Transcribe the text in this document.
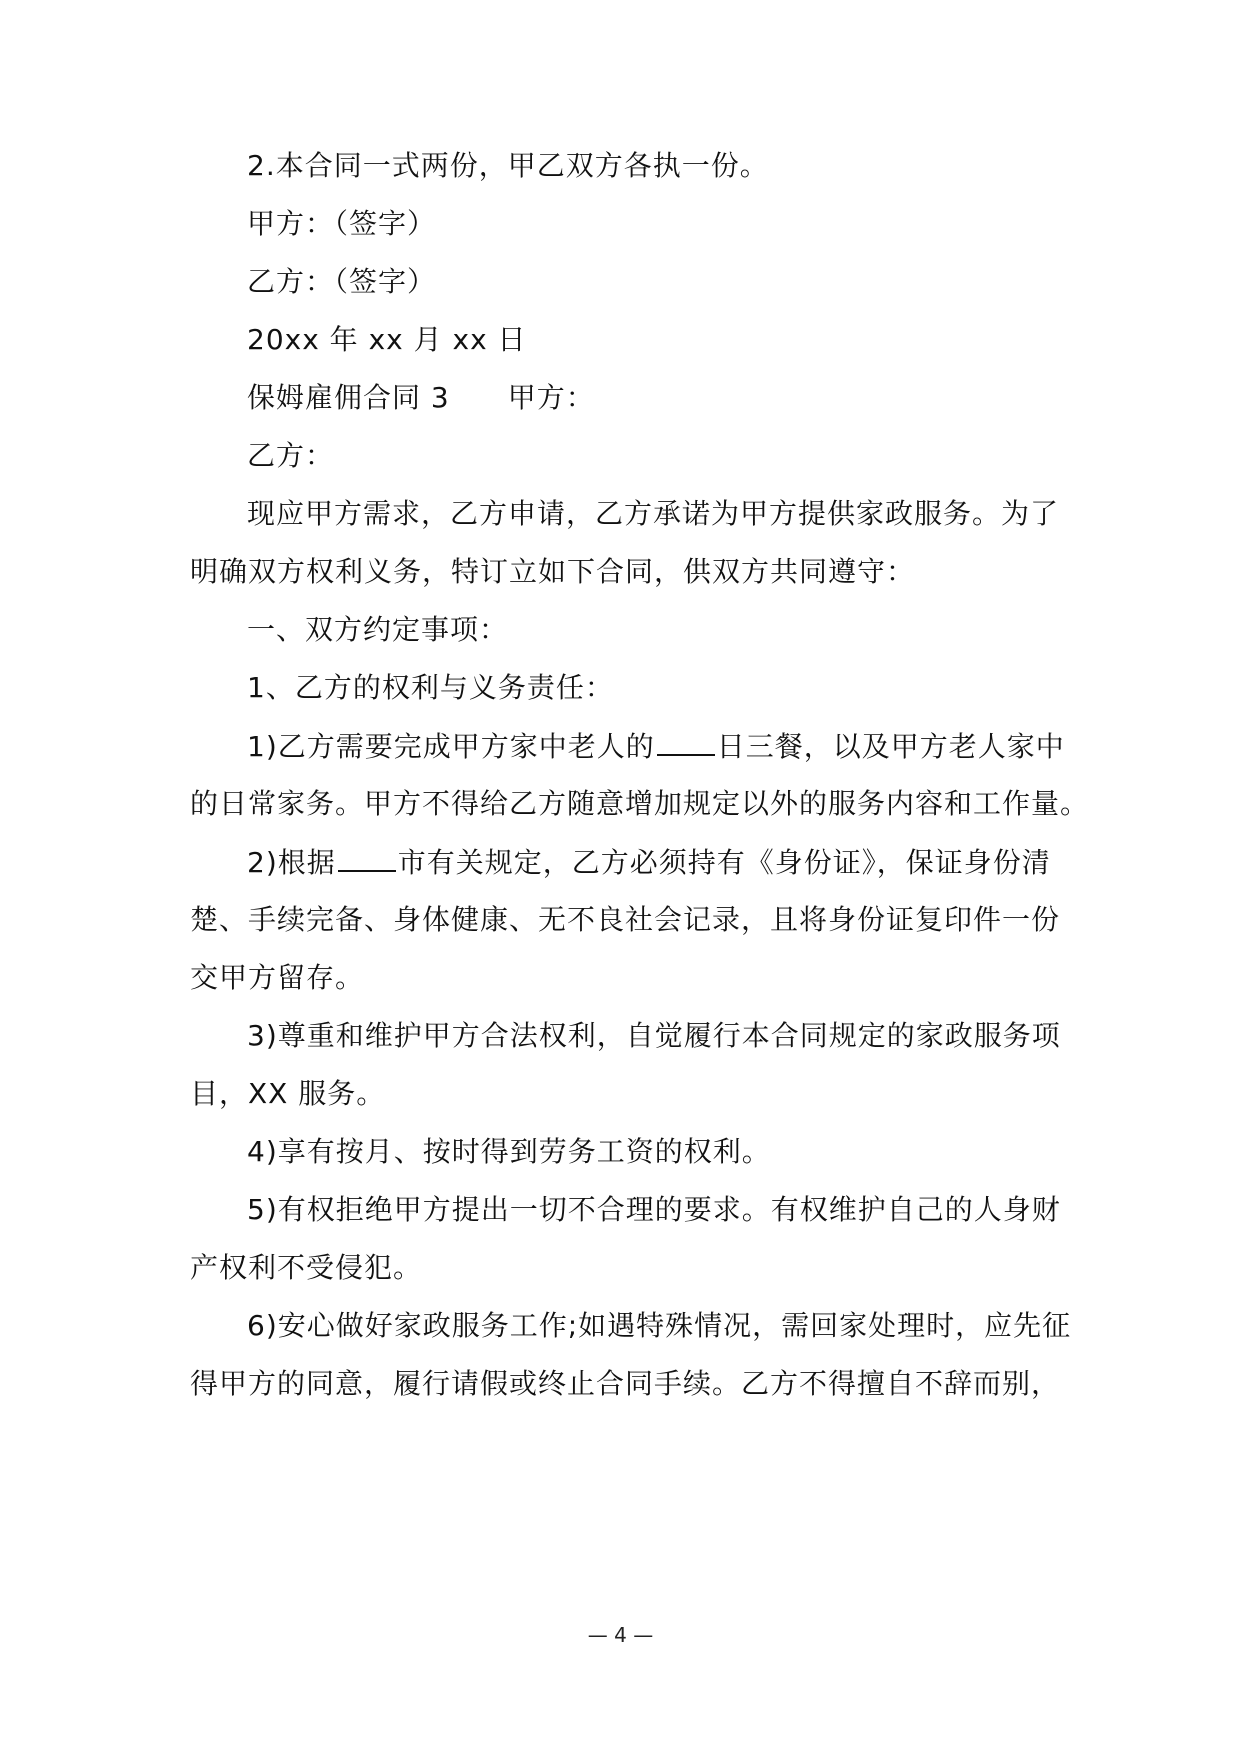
2.本合同一式两份，甲乙双方各执一份。
甲方：（签字）
乙方：（签字）
20xx 年 xx 月 xx 日
保姆雇佣合同 3 甲方：
乙方：
现应甲方需求，乙方申请，乙方承诺为甲方提供家政服务。为了
明确双方权利义务，特订立如下合同，供双方共同遵守：
一、双方约定事项：
1、乙方的权利与义务责任：
1)乙方需要完成甲方家中老人的 日三餐，以及甲方老人家中
的日常家务。甲方不得给乙方随意增加规定以外的服务内容和工作量。
2)根据 市有关规定，乙方必须持有《身份证》，保证身份清
楚、手续完备、身体健康、无不良社会记录，且将身份证复印件一份
交甲方留存。
3)尊重和维护甲方合法权利，自觉履行本合同规定的家政服务项
目，XX 服务。
4)享有按月、按时得到劳务工资的权利。
5)有权拒绝甲方提出一切不合理的要求。有权维护自己的人身财
产权利不受侵犯。
6)安心做好家政服务工作;如遇特殊情况，需回家处理时，应先征
得甲方的同意，履行请假或终止合同手续。乙方不得擅自不辞而别，
— 4 —
